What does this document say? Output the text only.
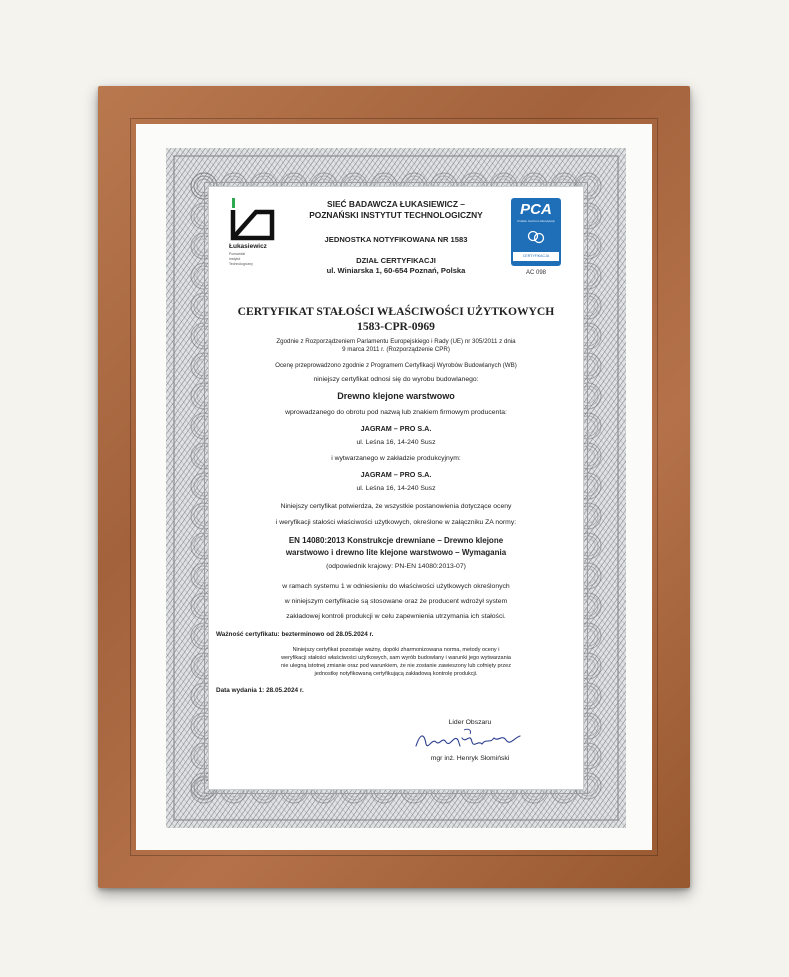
Łukasiewicz
Poznański
Instytut
Technologiczny
PCA
Polskie Centrum Akredytacji
CERTYFIKACJA WYROBÓW
AC 098
SIEĆ BADAWCZA ŁUKASIEWICZ –
POZNAŃSKI INSTYTUT TECHNOLOGICZNY
JEDNOSTKA NOTYFIKOWANA NR 1583
DZIAŁ CERTYFIKACJI
ul. Winiarska 1, 60-654 Poznań, Polska
CERTYFIKAT STAŁOŚCI WŁAŚCIWOŚCI UŻYTKOWYCH
1583-CPR-0969
Zgodnie z Rozporządzeniem Parlamentu Europejskiego i Rady (UE) nr 305/2011 z dnia
9 marca 2011 r. (Rozporządzenie CPR)
Ocenę przeprowadzono zgodnie z Programem Certyfikacji Wyrobów Budowlanych (WB)
niniejszy certyfikat odnosi się do wyrobu budowlanego:
Drewno klejone warstwowo
wprowadzanego do obrotu pod nazwą lub znakiem firmowym producenta:
JAGRAM – PRO S.A.
ul. Leśna 16, 14-240 Susz
i wytwarzanego w zakładzie produkcyjnym:
JAGRAM – PRO S.A.
ul. Leśna 16, 14-240 Susz
Niniejszy certyfikat potwierdza, że wszystkie postanowienia dotyczące oceny
i weryfikacji stałości właściwości użytkowych, określone w załączniku ZA normy:
EN 14080:2013 Konstrukcje drewniane – Drewno klejone
warstwowo i drewno lite klejone warstwowo – Wymagania
(odpowiednik krajowy: PN-EN 14080:2013-07)
w ramach systemu 1 w odniesieniu do właściwości użytkowych określonych
w niniejszym certyfikacie są stosowane oraz że producent wdrożył system
zakładowej kontroli produkcji w celu zapewnienia utrzymania ich stałości.
Ważność certyfikatu: bezterminowo od 28.05.2024 r.
Niniejszy certyfikat pozostaje ważny, dopóki zharmonizowana norma, metody oceny i
weryfikacji stałości właściwości użytkowych, sam wyrób budowlany i warunki jego wytwarzania
nie ulegną istotnej zmianie oraz pod warunkiem, że nie zostanie zawieszony lub cofnięty przez
jednostkę notyfikowaną certyfikującą zakładową kontrolę produkcji.
Data wydania 1: 28.05.2024 r.
Lider Obszaru
mgr inż. Henryk Słomiński
